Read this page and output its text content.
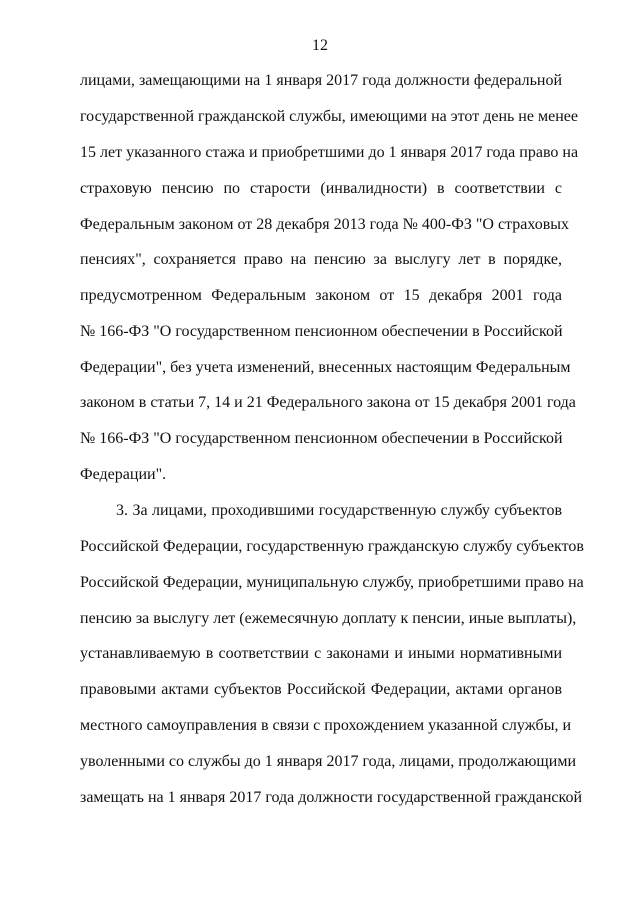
12
лицами, замещающими на 1 января 2017 года должности федеральной
государственной гражданской службы, имеющими на этот день не менее
15 лет указанного стажа и приобретшими до 1 января 2017 года право на
страховую пенсию по старости (инвалидности) в соответствии с
Федеральным законом от 28 декабря 2013 года № 400-ФЗ "О страховых
пенсиях", сохраняется право на пенсию за выслугу лет в порядке,
предусмотренном Федеральным законом от 15 декабря 2001 года
№ 166-ФЗ "О государственном пенсионном обеспечении в Российской
Федерации", без учета изменений, внесенных настоящим Федеральным
законом в статьи 7, 14 и 21 Федерального закона от 15 декабря 2001 года
№ 166-ФЗ "О государственном пенсионном обеспечении в Российской
Федерации".
3. За лицами, проходившими государственную службу субъектов
Российской Федерации, государственную гражданскую службу субъектов
Российской Федерации, муниципальную службу, приобретшими право на
пенсию за выслугу лет (ежемесячную доплату к пенсии, иные выплаты),
устанавливаемую в соответствии с законами и иными нормативными
правовыми актами субъектов Российской Федерации, актами органов
местного самоуправления в связи с прохождением указанной службы, и
уволенными со службы до 1 января 2017 года, лицами, продолжающими
замещать на 1 января 2017 года должности государственной гражданской
